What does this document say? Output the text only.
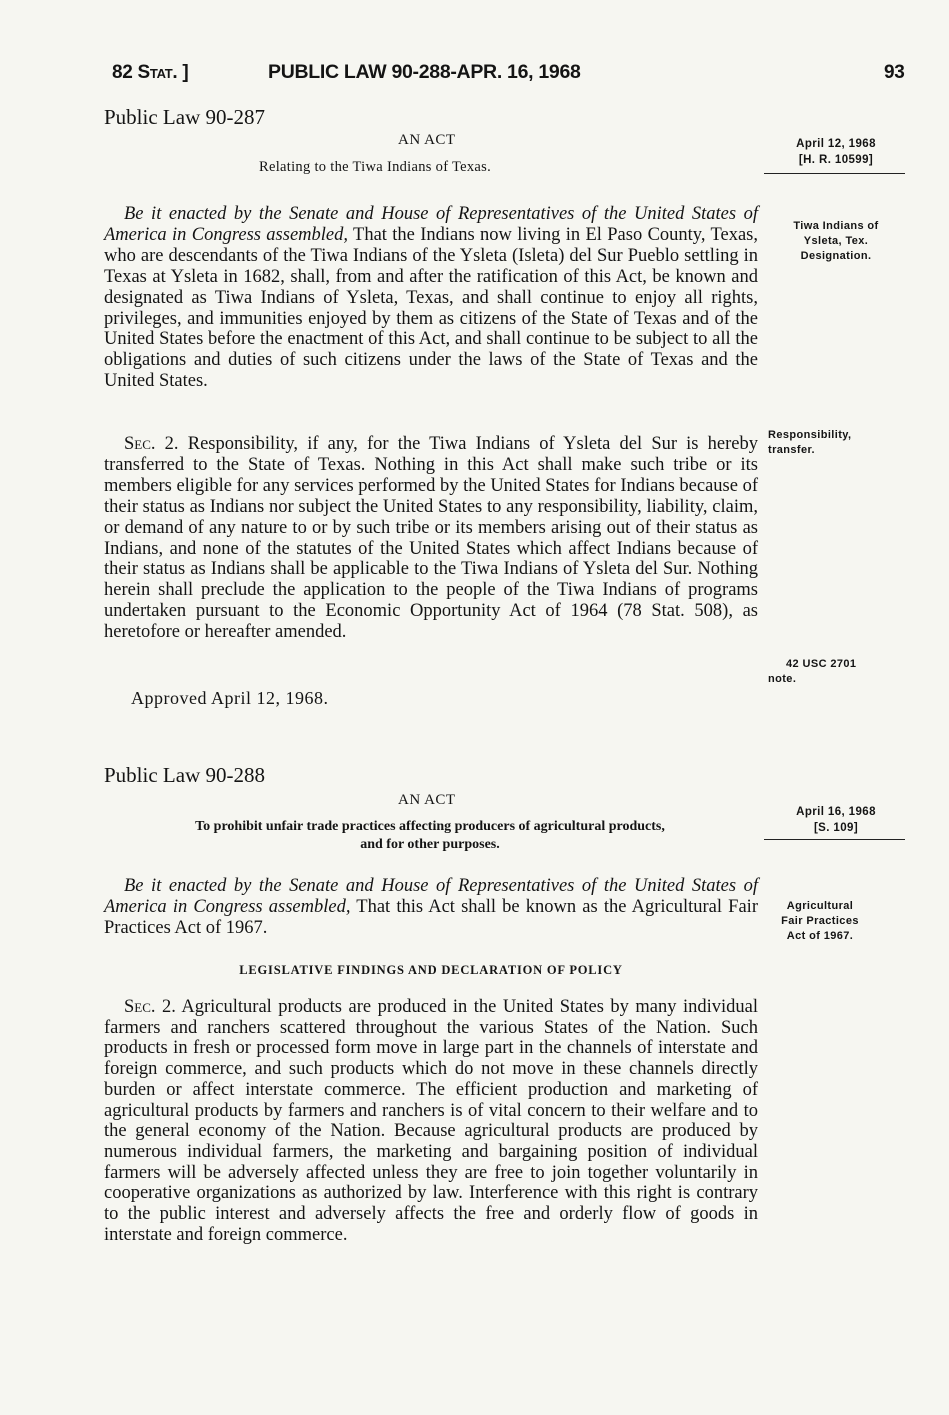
82 Stat. ]	PUBLIC LAW 90-288-APR. 16, 1968	93
Public Law 90-287
AN ACT
Relating to the Tiwa Indians of Texas.
April 12, 1968
[H. R. 10599]

Be it enacted by the Senate and House of Representatives of the United States of America in Congress assembled, That the Indians now living in El Paso County, Texas, who are descendants of the Tiwa Indians of the Ysleta (Isleta) del Sur Pueblo settling in Texas at Ysleta in 1682, shall, from and after the ratification of this Act, be known and designated as Tiwa Indians of Ysleta, Texas, and shall continue to enjoy all rights, privileges, and immunities enjoyed by them as citizens of the State of Texas and of the United States before the enactment of this Act, and shall continue to be subject to all the obligations and duties of such citizens under the laws of the State of Texas and the United States.

Tiwa Indians of
Ysleta, Tex.
Designation.

Sec. 2. Responsibility, if any, for the Tiwa Indians of Ysleta del Sur is hereby transferred to the State of Texas. Nothing in this Act shall make such tribe or its members eligible for any services performed by the United States for Indians because of their status as Indians nor subject the United States to any responsibility, liability, claim, or demand of any nature to or by such tribe or its members arising out of their status as Indians, and none of the statutes of the United States which affect Indians because of their status as Indians shall be applicable to the Tiwa Indians of Ysleta del Sur. Nothing herein shall preclude the application to the people of the Tiwa Indians of programs undertaken pursuant to the Economic Opportunity Act of 1964 (78 Stat. 508), as heretofore or hereafter amended.

Responsibility,
transfer.
42 USC 2701
note.
Approved April 12, 1968.
Public Law 90-288
AN ACT
To prohibit unfair trade practices affecting producers of agricultural products,
and for other purposes.
April 16, 1968
[S. 109]

Be it enacted by the Senate and House of Representatives of the United States of America in Congress assembled, That this Act shall be known as the Agricultural Fair Practices Act of 1967.

Agricultural
Fair Practices
Act of 1967.
LEGISLATIVE FINDINGS AND DECLARATION OF POLICY

Sec. 2. Agricultural products are produced in the United States by many individual farmers and ranchers scattered throughout the various States of the Nation. Such products in fresh or processed form move in large part in the channels of interstate and foreign commerce, and such products which do not move in these channels directly burden or affect interstate commerce. The efficient production and marketing of agricultural products by farmers and ranchers is of vital concern to their welfare and to the general economy of the Nation. Because agricultural products are produced by numerous individual farmers, the marketing and bargaining position of individual farmers will be adversely affected unless they are free to join together voluntarily in cooperative organizations as authorized by law. Interference with this right is contrary to the public interest and adversely affects the free and orderly flow of goods in interstate and foreign commerce.
